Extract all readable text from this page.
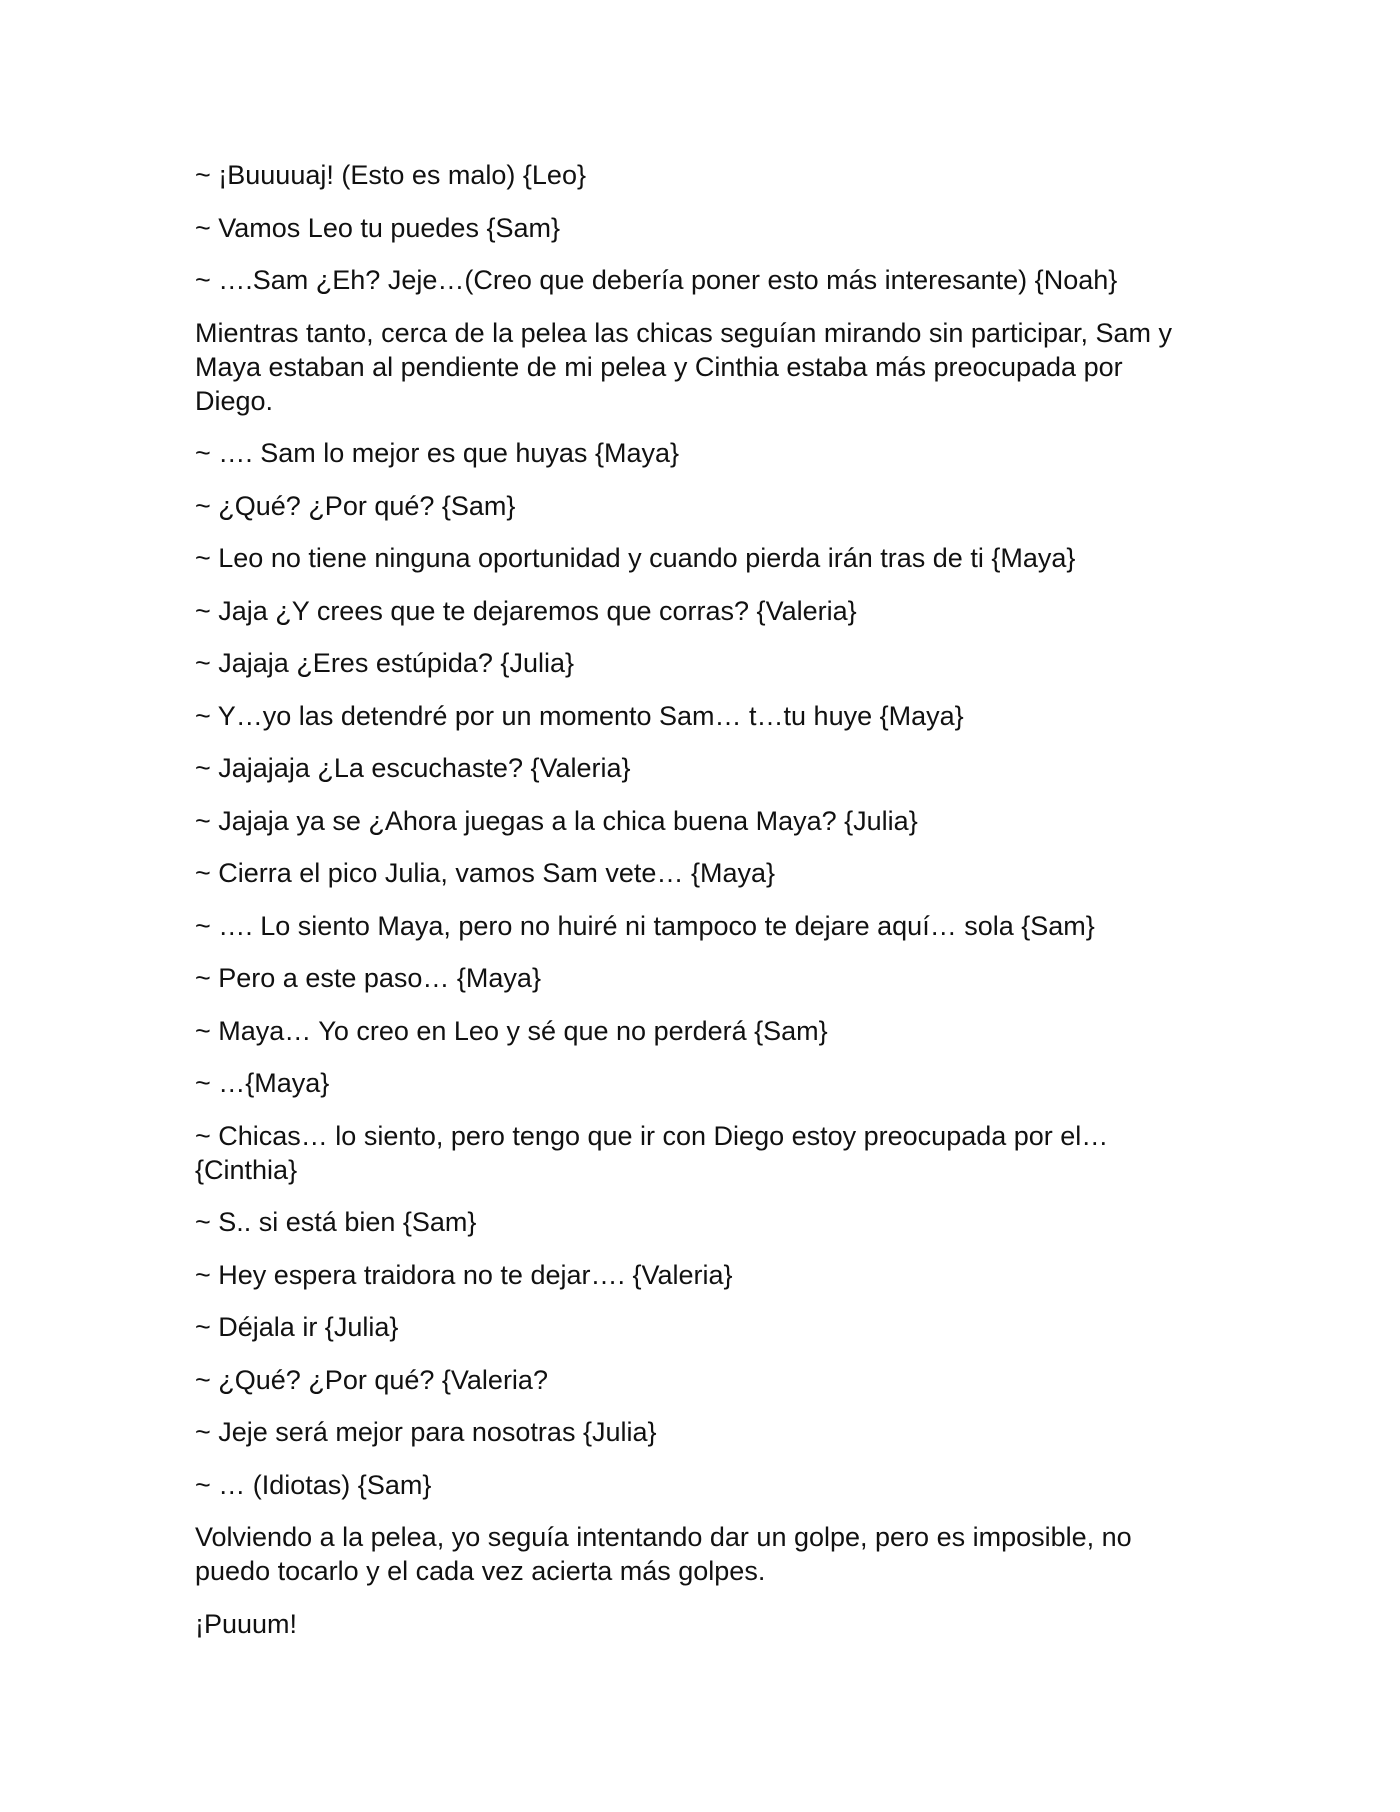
~ ¡Buuuuaj! (Esto es malo) {Leo}

~ Vamos Leo tu puedes {Sam}

~ ….Sam ¿Eh? Jeje…(Creo que debería poner esto más interesante) {Noah}

Mientras tanto, cerca de la pelea las chicas seguían mirando sin participar, Sam y Maya estaban al pendiente de mi pelea y Cinthia estaba más preocupada por Diego.

~ …. Sam lo mejor es que huyas {Maya}

~ ¿Qué? ¿Por qué? {Sam}

~ Leo no tiene ninguna oportunidad y cuando pierda irán tras de ti {Maya}

~ Jaja ¿Y crees que te dejaremos que corras? {Valeria}

~ Jajaja ¿Eres estúpida? {Julia}

~ Y…yo las detendré por un momento Sam… t…tu huye {Maya}

~ Jajajaja ¿La escuchaste? {Valeria}

~ Jajaja ya se ¿Ahora juegas a la chica buena Maya? {Julia}

~ Cierra el pico Julia, vamos Sam vete… {Maya}

~ …. Lo siento Maya, pero no huiré ni tampoco te dejare aquí… sola {Sam}

~ Pero a este paso… {Maya}

~ Maya… Yo creo en Leo y sé que no perderá {Sam}

~ …{Maya}

~ Chicas… lo siento, pero tengo que ir con Diego estoy preocupada por el… {Cinthia}

~ S.. si está bien {Sam}

~ Hey espera traidora no te dejar…. {Valeria}

~ Déjala ir {Julia}

~ ¿Qué? ¿Por qué? {Valeria?

~ Jeje será mejor para nosotras {Julia}

~ … (Idiotas) {Sam}

Volviendo a la pelea, yo seguía intentando dar un golpe, pero es imposible, no puedo tocarlo y el cada vez acierta más golpes.

¡Puuum!
